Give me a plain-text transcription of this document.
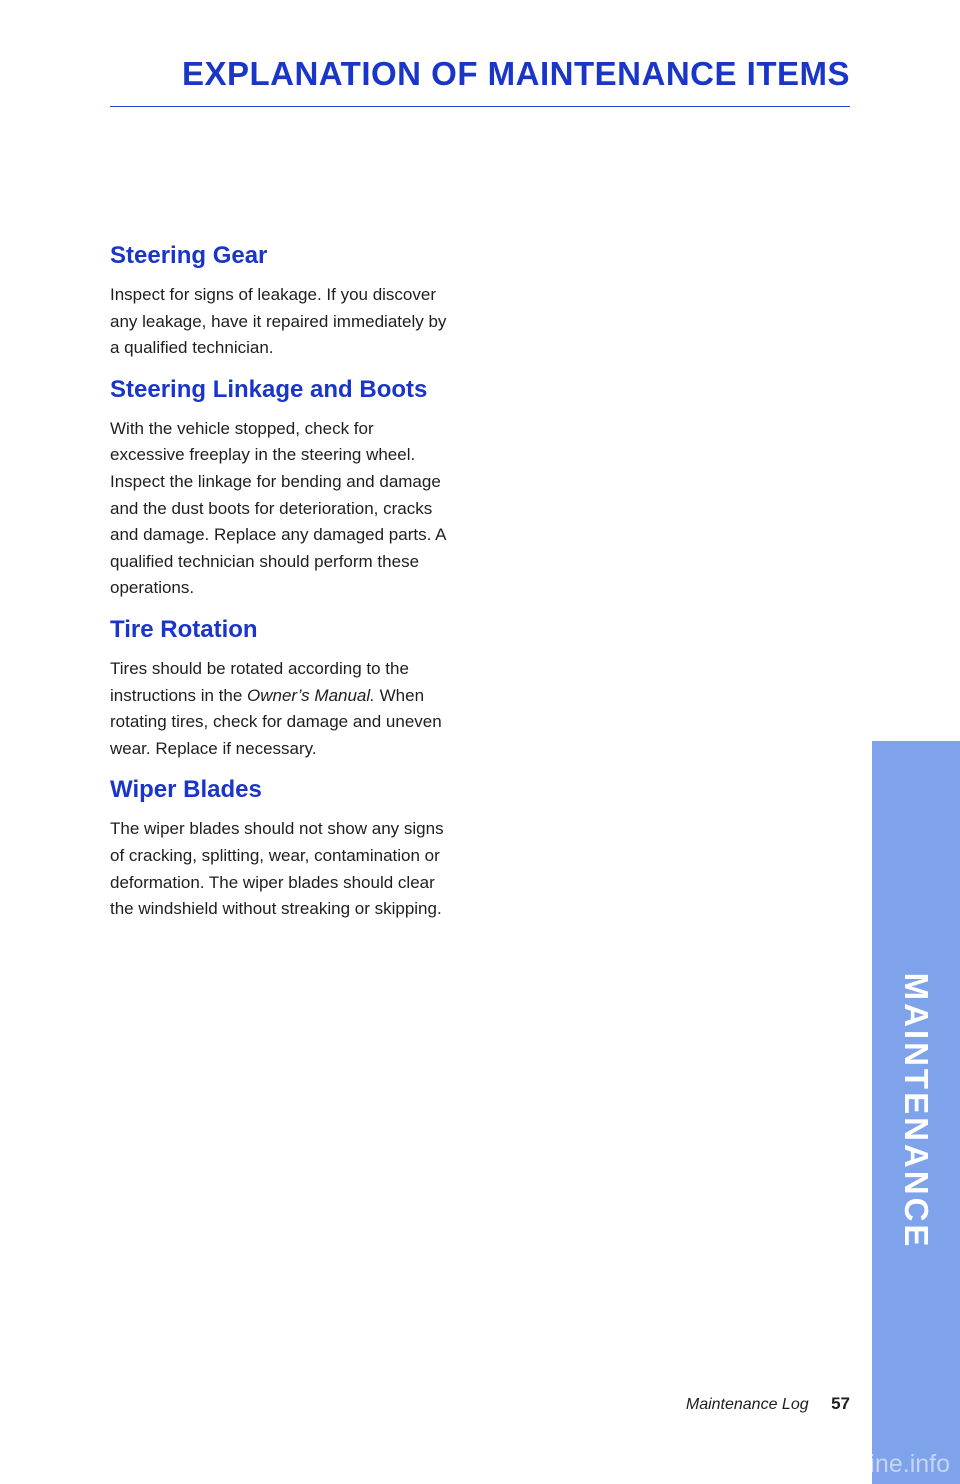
EXPLANATION OF MAINTENANCE ITEMS
Steering Gear

Inspect for signs of leakage. If you discover any leakage, have it repaired immediately by a qualified technician.

Steering Linkage and Boots

With the vehicle stopped, check for excessive freeplay in the steering wheel. Inspect the linkage for bending and damage and the dust boots for deterioration, cracks and damage. Replace any damaged parts. A qualified technician should perform these operations.

Tire Rotation

Tires should be rotated according to the instructions in the Owner’s Manual. When rotating tires, check for damage and uneven wear. Replace if necessary.

Wiper Blades

The wiper blades should not show any signs of cracking, splitting, wear, contamination or deformation. The wiper blades should clear the windshield without streaking or skipping.

MAINTENANCE
Maintenance Log 57
carmanualsonline.info
